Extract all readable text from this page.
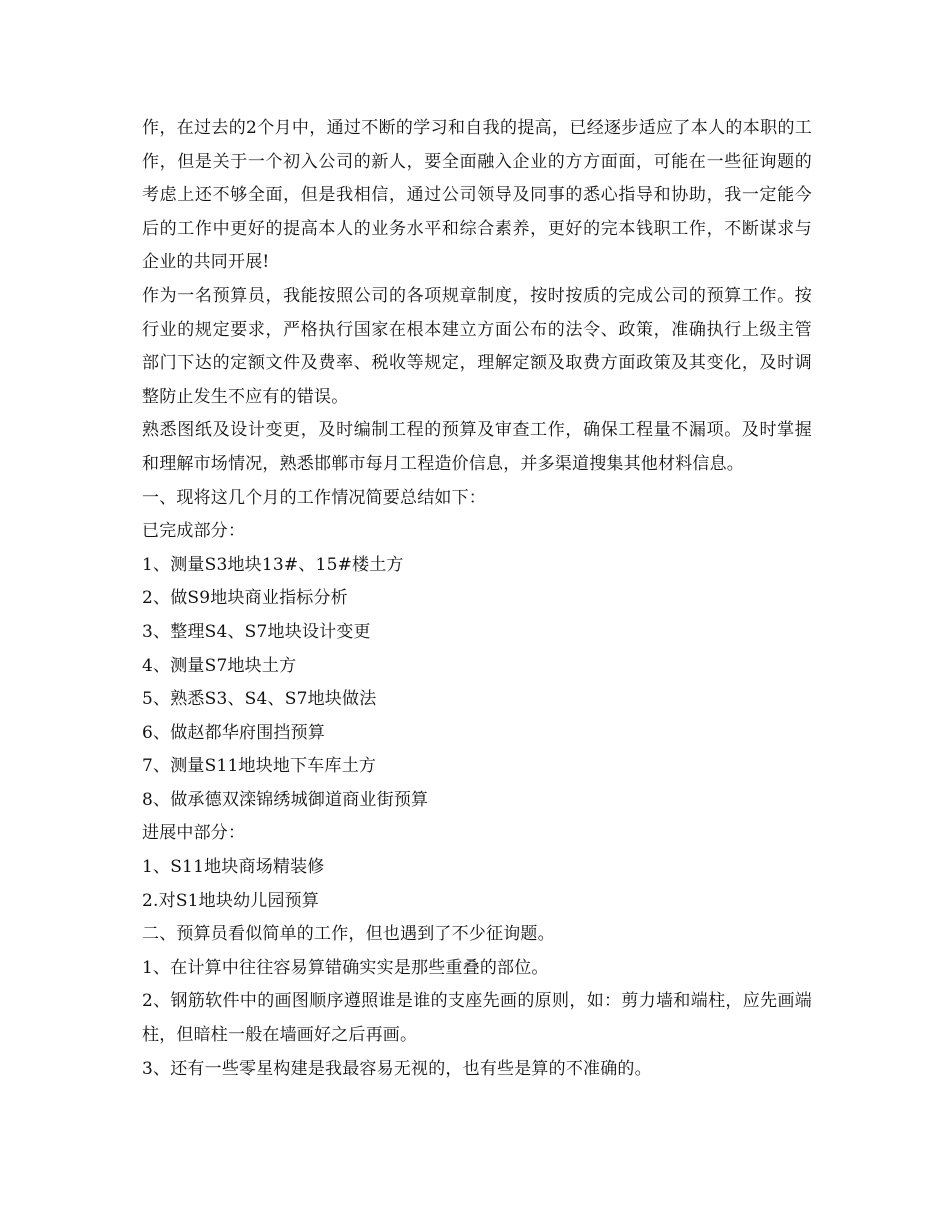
作，在过去的2个月中，通过不断的学习和自我的提高，已经逐步适应了本人的本职的工作，但是关于一个初入公司的新人，要全面融入企业的方方面面，可能在一些征询题的考虑上还不够全面，但是我相信，通过公司领导及同事的悉心指导和协助，我一定能今后的工作中更好的提高本人的业务水平和综合素养，更好的完本钱职工作，不断谋求与企业的共同开展!

作为一名预算员，我能按照公司的各项规章制度，按时按质的完成公司的预算工作。按行业的规定要求，严格执行国家在根本建立方面公布的法令、政策，准确执行上级主管部门下达的定额文件及费率、税收等规定，理解定额及取费方面政策及其变化，及时调整防止发生不应有的错误。

熟悉图纸及设计变更，及时编制工程的预算及审查工作，确保工程量不漏项。及时掌握和理解市场情况，熟悉邯郸市每月工程造价信息，并多渠道搜集其他材料信息。

一、现将这几个月的工作情况简要总结如下：

已完成部分：

1、测量S3地块13#、15#楼土方

2、做S9地块商业指标分析

3、整理S4、S7地块设计变更

4、测量S7地块土方

5、熟悉S3、S4、S7地块做法

6、做赵都华府围挡预算

7、测量S11地块地下车库土方

8、做承德双滦锦绣城御道商业街预算

进展中部分：

1、S11地块商场精装修

2.对S1地块幼儿园预算

二、预算员看似简单的工作，但也遇到了不少征询题。

1、在计算中往往容易算错确实实是那些重叠的部位。

2、钢筋软件中的画图顺序遵照谁是谁的支座先画的原则，如：剪力墙和端柱，应先画端柱，但暗柱一般在墙画好之后再画。

3、还有一些零星构建是我最容易无视的，也有些是算的不准确的。
